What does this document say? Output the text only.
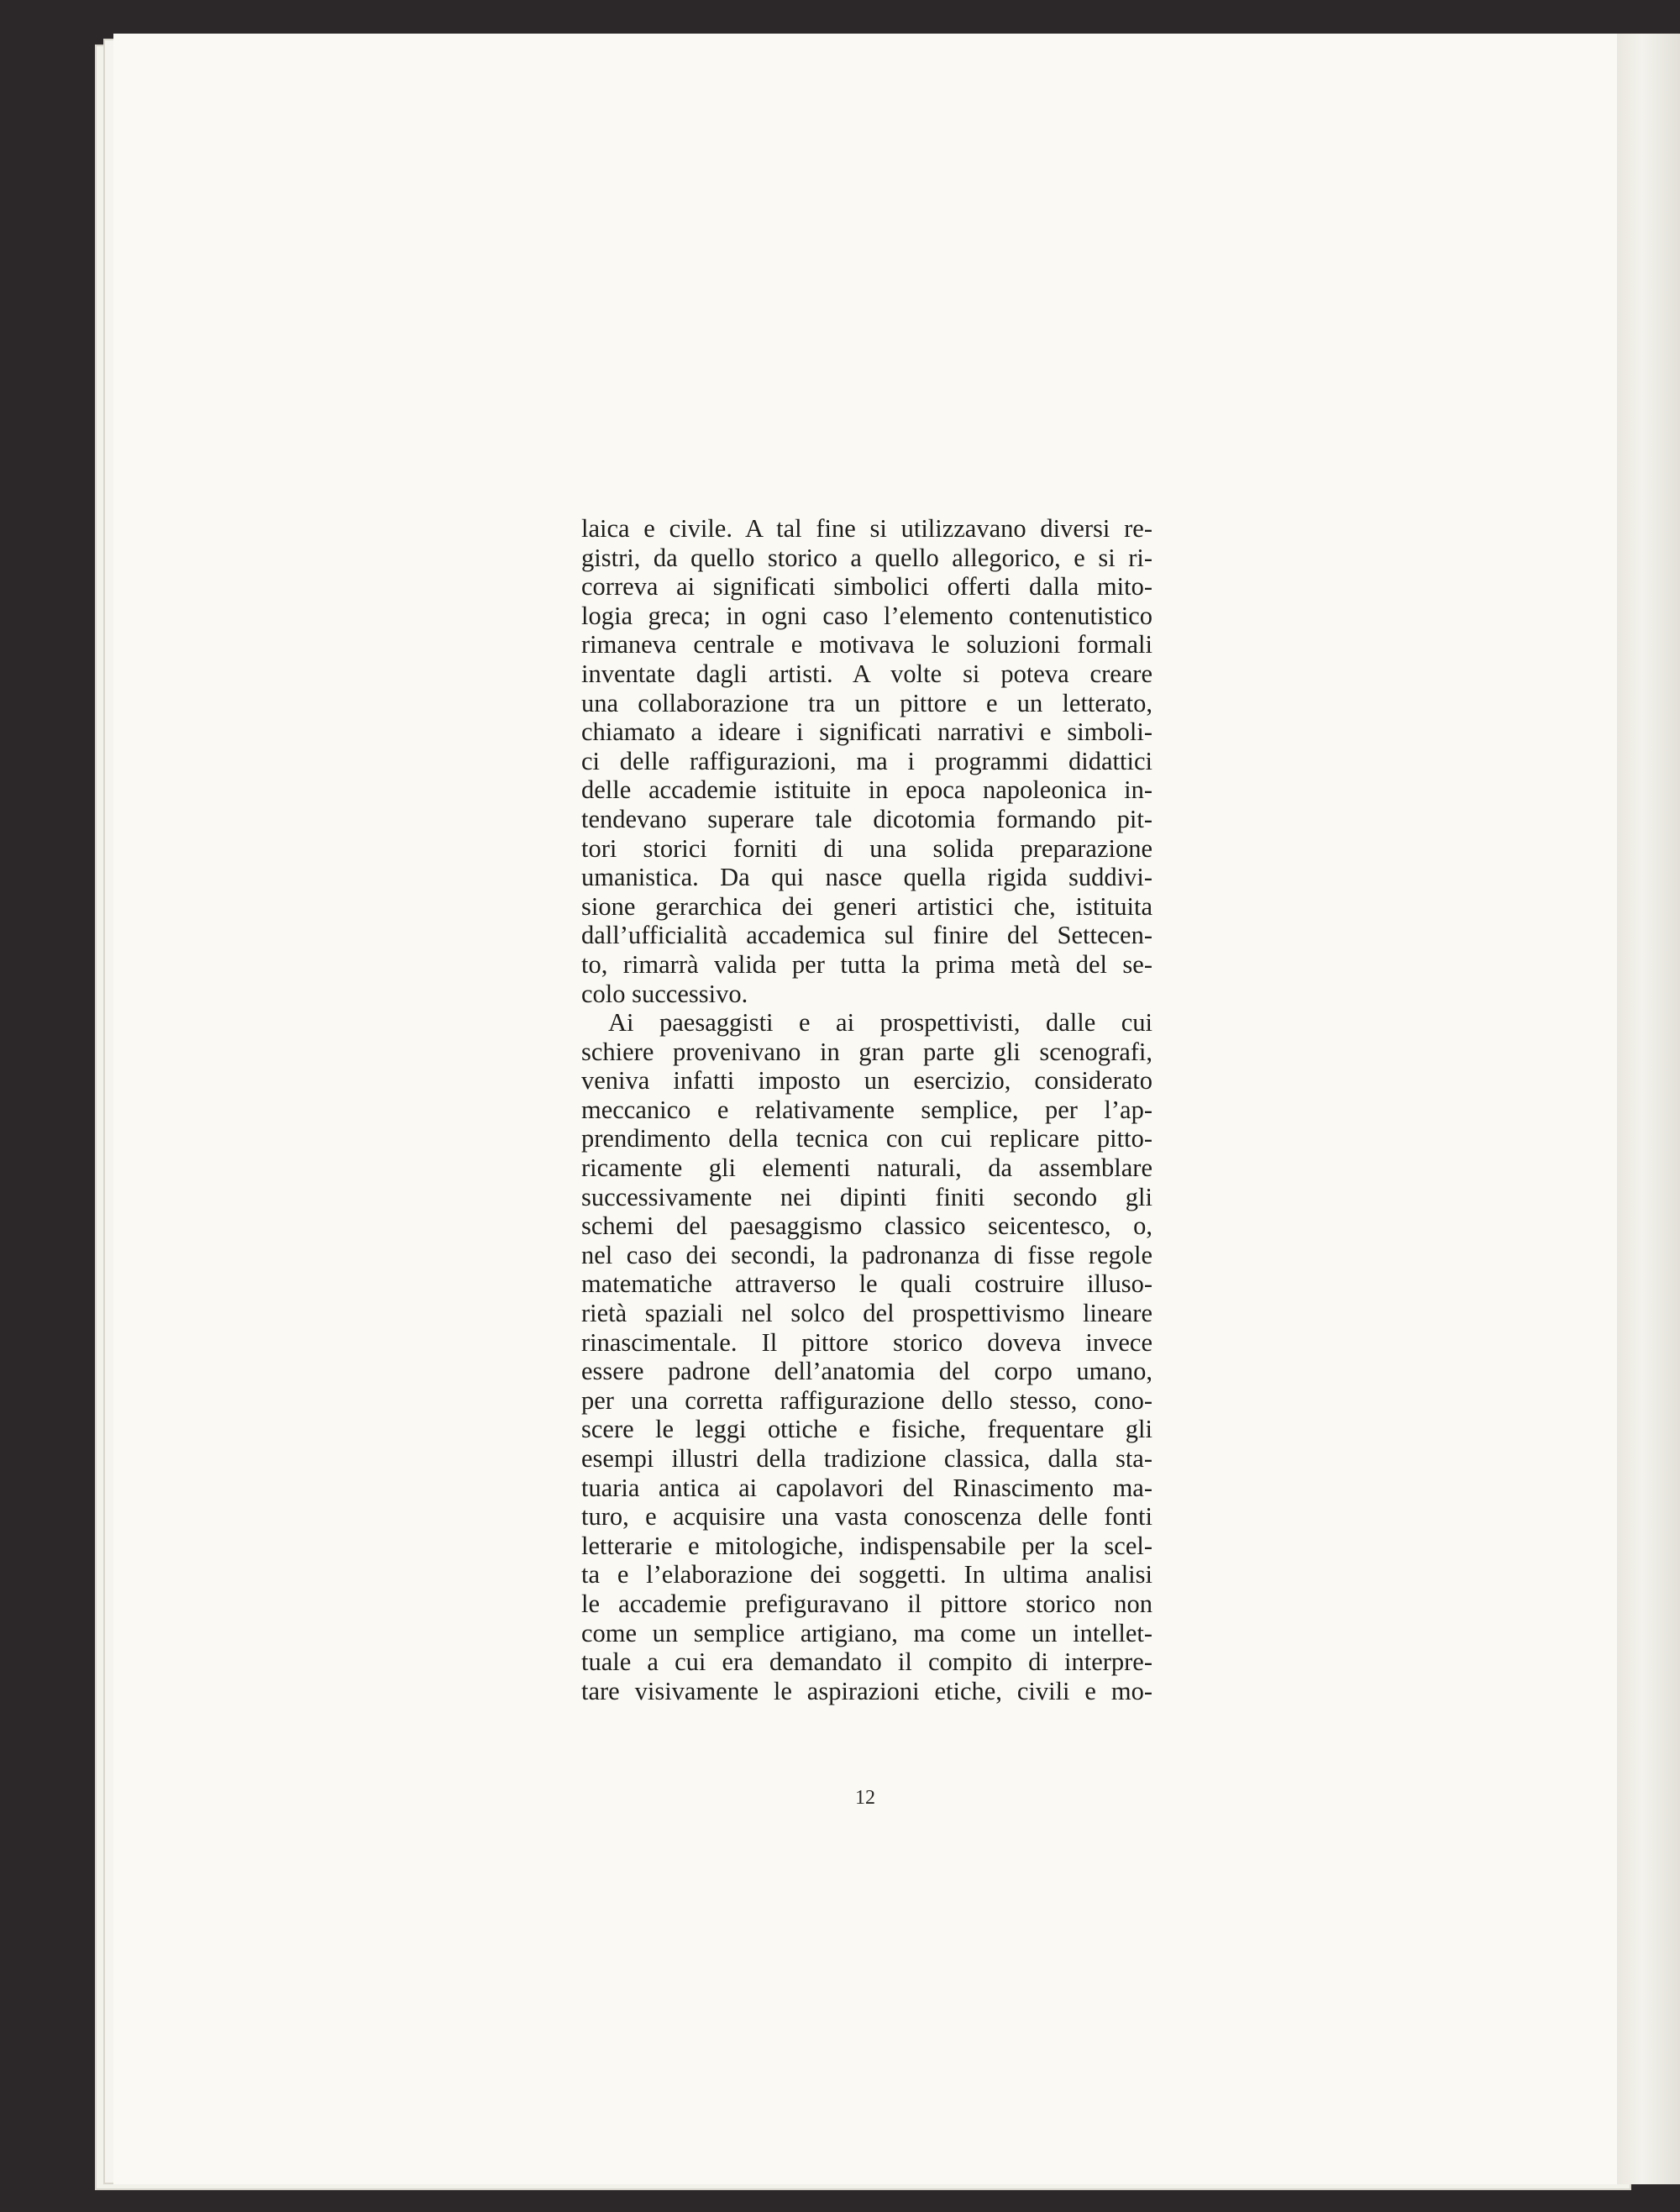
laica e civile. A tal fine si utilizzavano diversi re-
gistri, da quello storico a quello allegorico, e si ri-
correva ai significati simbolici offerti dalla mito-
logia greca; in ogni caso l’elemento contenutistico
rimaneva centrale e motivava le soluzioni formali
inventate dagli artisti. A volte si poteva creare
una collaborazione tra un pittore e un letterato,
chiamato a ideare i significati narrativi e simboli-
ci delle raffigurazioni, ma i programmi didattici
delle accademie istituite in epoca napoleonica in-
tendevano superare tale dicotomia formando pit-
tori storici forniti di una solida preparazione
umanistica. Da qui nasce quella rigida suddivi-
sione gerarchica dei generi artistici che, istituita
dall’ufficialità accademica sul finire del Settecen-
to, rimarrà valida per tutta la prima metà del se-
colo successivo.
Ai paesaggisti e ai prospettivisti, dalle cui
schiere provenivano in gran parte gli scenografi,
veniva infatti imposto un esercizio, considerato
meccanico e relativamente semplice, per l’ap-
prendimento della tecnica con cui replicare pitto-
ricamente gli elementi naturali, da assemblare
successivamente nei dipinti finiti secondo gli
schemi del paesaggismo classico seicentesco, o,
nel caso dei secondi, la padronanza di fisse regole
matematiche attraverso le quali costruire illuso-
rietà spaziali nel solco del prospettivismo lineare
rinascimentale. Il pittore storico doveva invece
essere padrone dell’anatomia del corpo umano,
per una corretta raffigurazione dello stesso, cono-
scere le leggi ottiche e fisiche, frequentare gli
esempi illustri della tradizione classica, dalla sta-
tuaria antica ai capolavori del Rinascimento ma-
turo, e acquisire una vasta conoscenza delle fonti
letterarie e mitologiche, indispensabile per la scel-
ta e l’elaborazione dei soggetti. In ultima analisi
le accademie prefiguravano il pittore storico non
come un semplice artigiano, ma come un intellet-
tuale a cui era demandato il compito di interpre-
tare visivamente le aspirazioni etiche, civili e mo-
12
